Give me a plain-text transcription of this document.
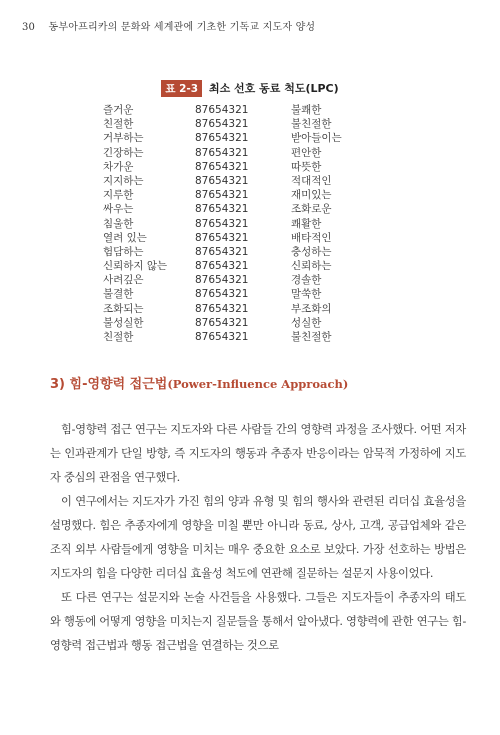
30 동부아프리카의 문화와 세계관에 기초한 기독교 지도자 양성
표 2-3 최소 선호 동료 척도(LPC)
즐거운	87654321	불쾌한
친절한	87654321	불친절한
거부하는	87654321	받아들이는
긴장하는	87654321	편안한
차가운	87654321	따뜻한
지지하는	87654321	적대적인
지루한	87654321	재미있는
싸우는	87654321	조화로운
침울한	87654321	쾌활한
열려 있는	87654321	배타적인
험담하는	87654321	충성하는
신뢰하지 않는	87654321	신뢰하는
사려깊은	87654321	경솔한
불결한	87654321	말쑥한
조화되는	87654321	부조화의
불성실한	87654321	성실한
친절한	87654321	불친절한
3) 힘-영향력 접근법(Power-Influence Approach)

힘-영향력 접근 연구는 지도자와 다른 사람들 간의 영향력 과정을 조사했다. 어떤 저자는 인과관계가 단일 방향, 즉 지도자의 행동과 추종자 반응이라는 암묵적 가정하에 지도자 중심의 관점을 연구했다.

이 연구에서는 지도자가 가진 힘의 양과 유형 및 힘의 행사와 관련된 리더십 효율성을 설명했다. 힘은 추종자에게 영향을 미칠 뿐만 아니라 동료, 상사, 고객, 공급업체와 같은 조직 외부 사람들에게 영향을 미치는 매우 중요한 요소로 보았다. 가장 선호하는 방법은 지도자의 힘을 다양한 리더십 효율성 척도에 연관해 질문하는 설문지 사용이었다.

또 다른 연구는 설문지와 논술 사건들을 사용했다. 그들은 지도자들이 추종자의 태도와 행동에 어떻게 영향을 미치는지 질문들을 통해서 알아냈다. 영향력에 관한 연구는 힘-영향력 접근법과 행동 접근법을 연결하는 것으로
